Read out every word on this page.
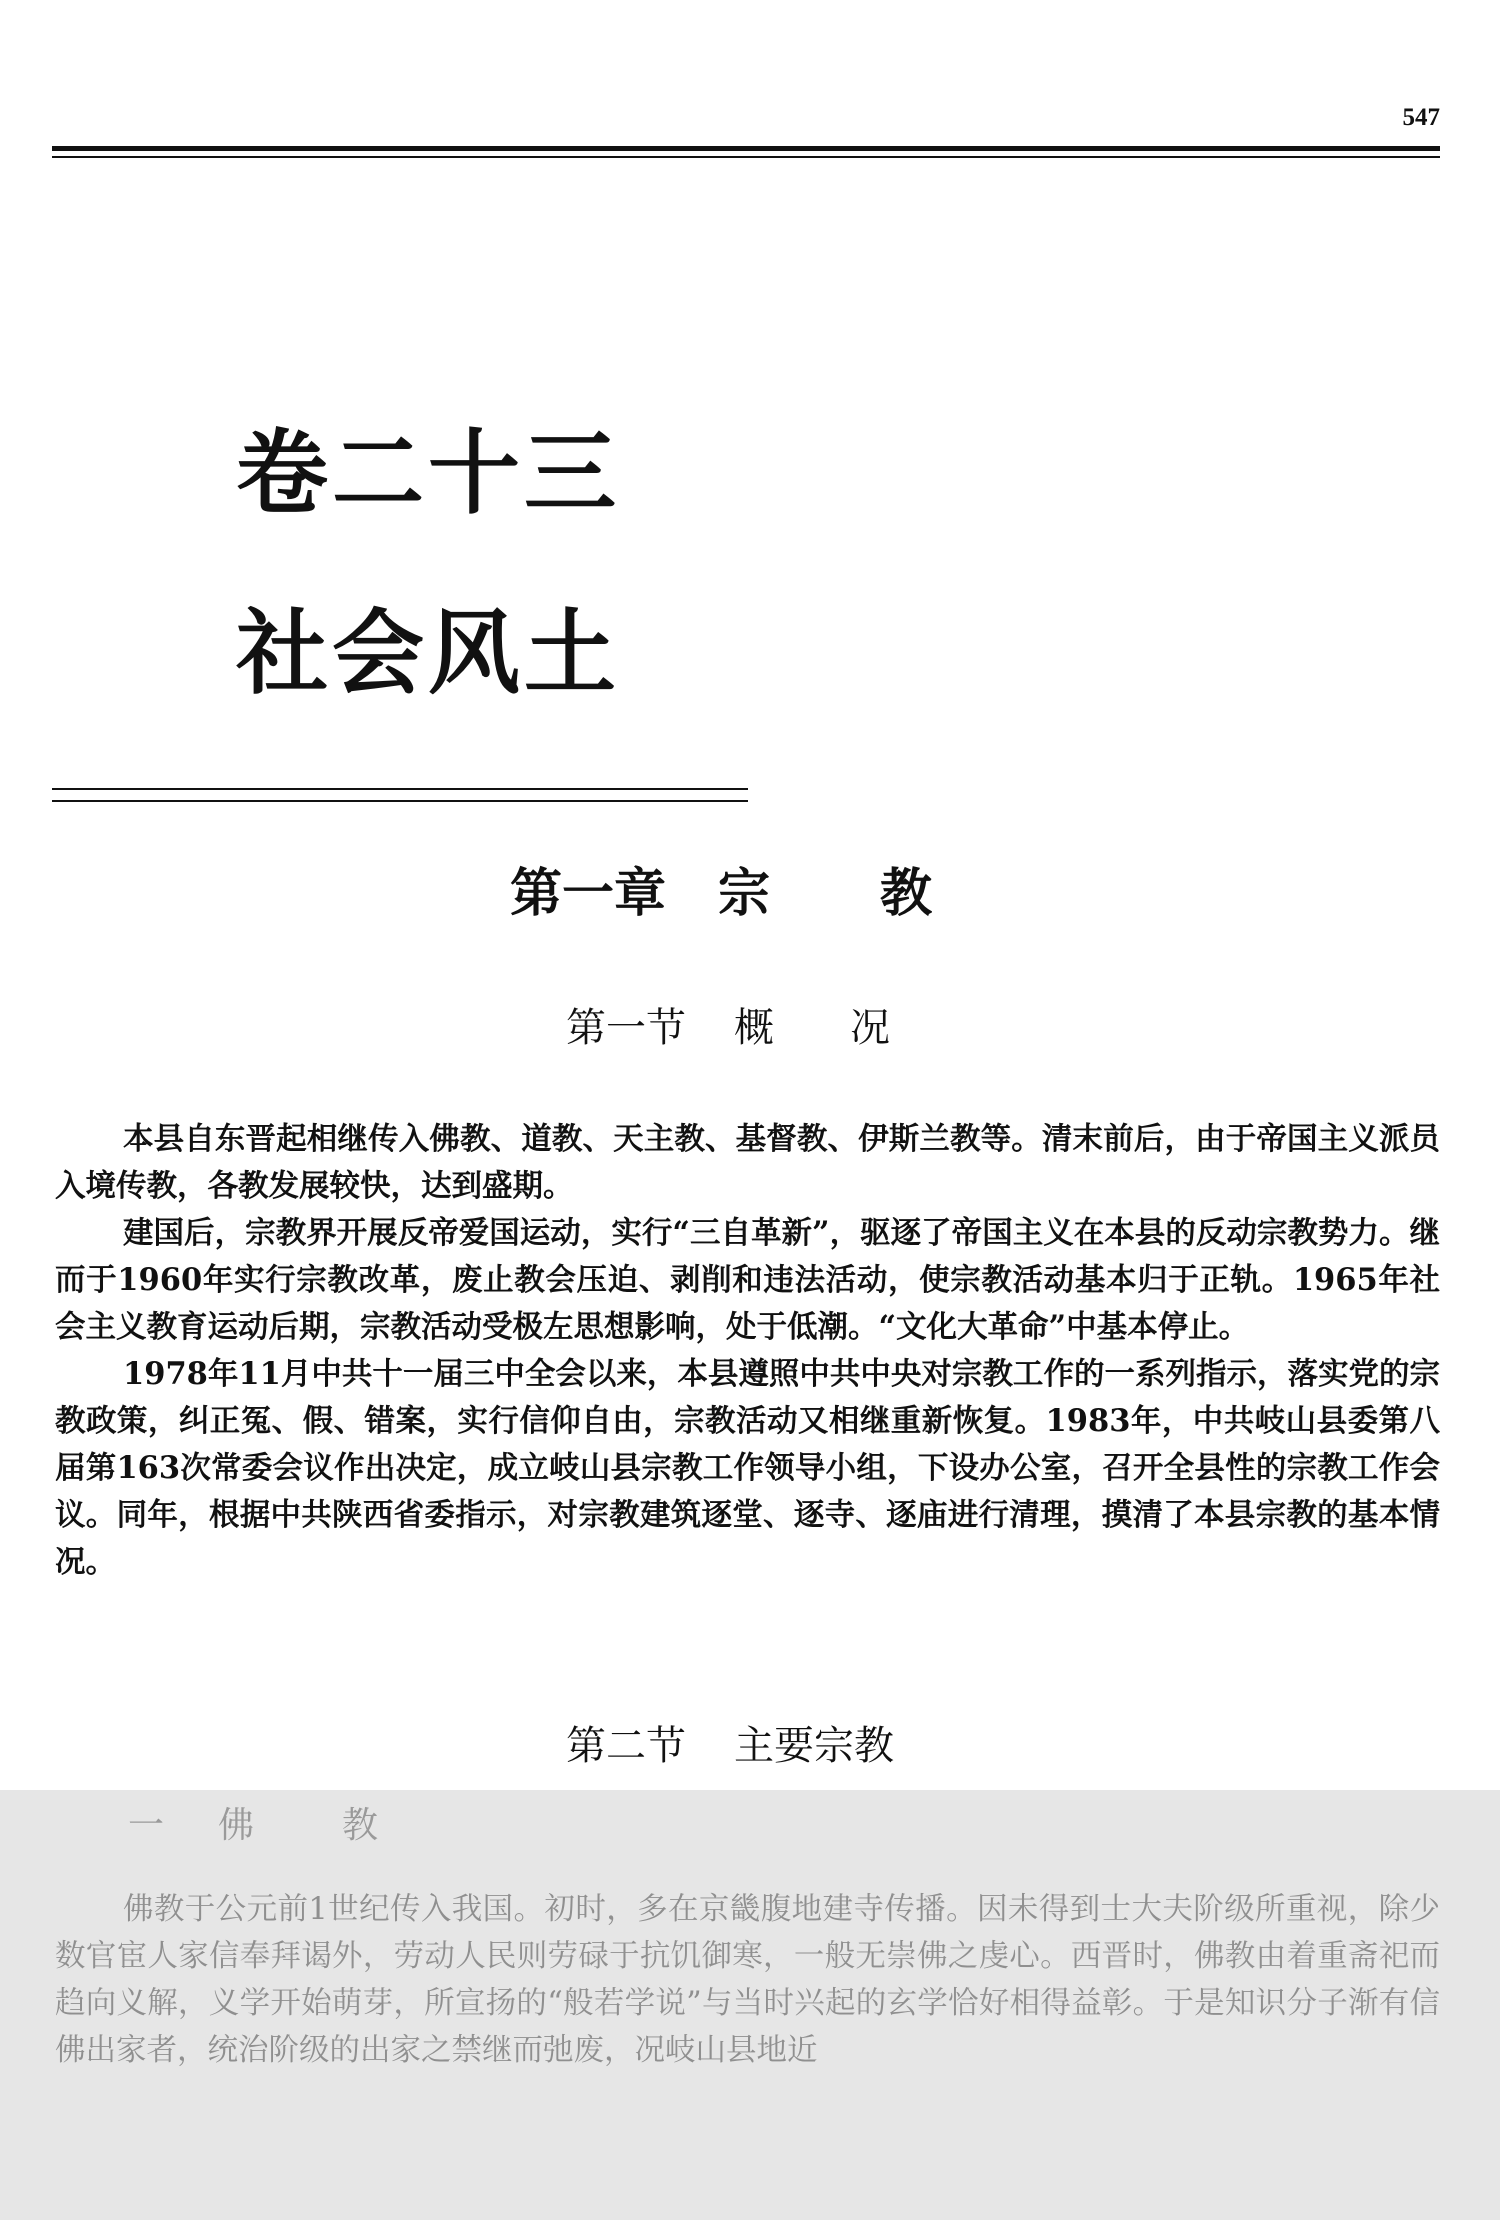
547
卷二十三
社会风土
第一章 宗 教
第一节 概 况

本县自东晋起相继传入佛教、道教、天主教、基督教、伊斯兰教等。清末前后，由于帝国主义派员入境传教，各教发展较快，达到盛期。

建国后，宗教界开展反帝爱国运动，实行“三自革新”，驱逐了帝国主义在本县的反动宗教势力。继而于1960年实行宗教改革，废止教会压迫、剥削和违法活动，使宗教活动基本归于正轨。1965年社会主义教育运动后期，宗教活动受极左思想影响，处于低潮。“文化大革命”中基本停止。

1978年11月中共十一届三中全会以来，本县遵照中共中央对宗教工作的一系列指示，落实党的宗教政策，纠正冤、假、错案，实行信仰自由，宗教活动又相继重新恢复。1983年，中共岐山县委第八届第163次常委会议作出决定，成立岐山县宗教工作领导小组，下设办公室，召开全县性的宗教工作会议。同年，根据中共陕西省委指示，对宗教建筑逐堂、逐寺、逐庙进行清理，摸清了本县宗教的基本情况。

第二节 主要宗教
一 佛 教

佛教于公元前1世纪传入我国。初时，多在京畿腹地建寺传播。因未得到士大夫阶级所重视，除少数官宦人家信奉拜谒外，劳动人民则劳碌于抗饥御寒，一般无崇佛之虔心。西晋时，佛教由着重斋祀而趋向义解，义学开始萌芽，所宣扬的“般若学说”与当时兴起的玄学恰好相得益彰。于是知识分子渐有信佛出家者，统治阶级的出家之禁继而弛废，况岐山县地近
